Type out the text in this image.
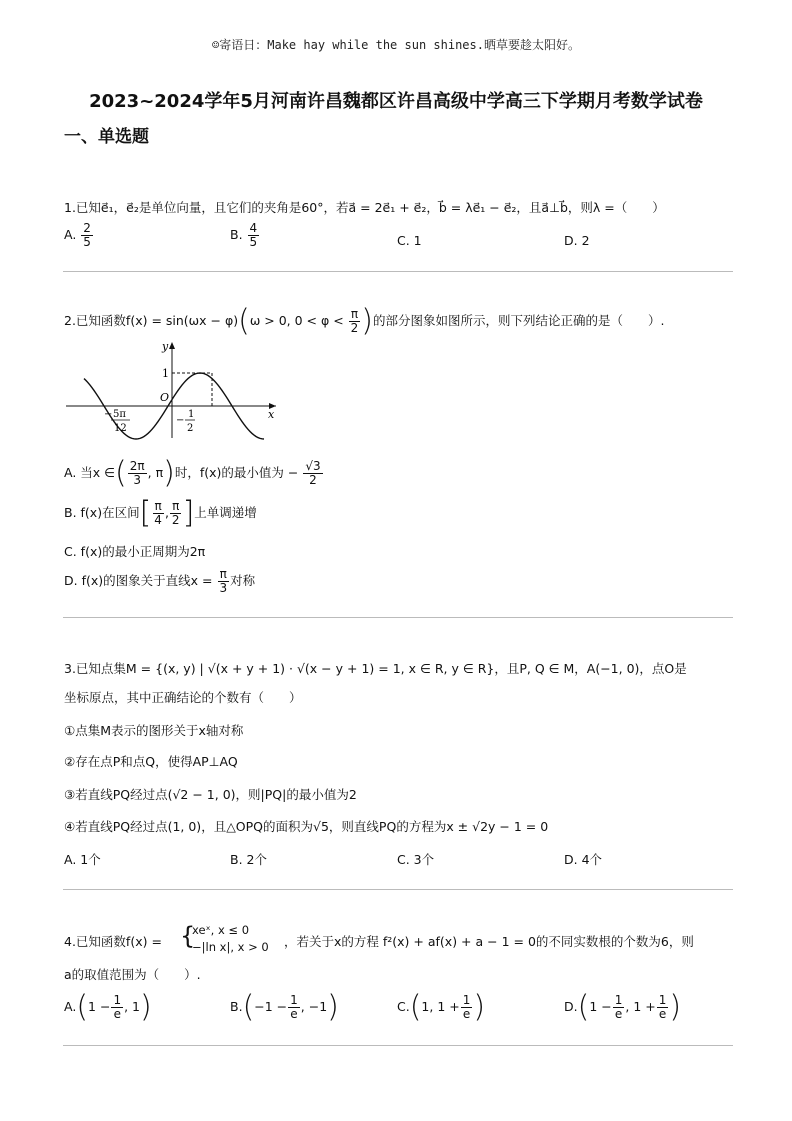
☺寄语日：Make hay while the sun shines.晒草要趁太阳好。
2023~2024学年5月河南许昌魏都区许昌高级中学高三下学期月考数学试卷
一、单选题
1.已知e⃗₁，e⃗₂是单位向量，且它们的夹角是60°，若a⃗ = 2e⃗₁ + e⃗₂，b⃗ = λe⃗₁ − e⃗₂，且a⃗⊥b⃗，则λ =（　　）
A. $\frac{2}{5}$	B. $\frac{4}{5}$	C. 1	D. 2
2.已知函数f(x) = sin(ωx − φ)(ω > 0, $0 < \varphi < \frac{\pi}{2}$ )的部分图象如图所示，则下列结论正确的是（　　）.
y
x
O
1
− 5π
12
−
1
2
A. 当x ∈( $\frac{2\pi}{3}$ , π)时，f(x)的最小值为 − $\frac{√3}{2}$
B. f(x)在区间[ $\frac{\pi}{4}$ , $\frac{\pi}{2}$ ]上单调递增
C. f(x)的最小正周期为2π
D. f(x)的图象关于直线$x = \frac{\pi}{3}$ 对称
3.已知点集M = {(x, y) | √(x + y + 1) · √(x − y + 1) = 1, x ∈ R, y ∈ R}，且P, Q ∈ M，A(−1, 0)，点O是
坐标原点，其中正确结论的个数有（　　）
①点集M表示的图形关于x轴对称
②存在点P和点Q，使得AP⊥AQ
③若直线PQ经过点(√2 − 1, 0)，则|PQ|的最小值为2
④若直线PQ经过点(1, 0)，且△OPQ的面积为√5，则直线PQ的方程为x ± √2y − 1 = 0
A. 1个	B. 2个	C. 3个	D. 4个
4.已知函数f(x) = {
xeˣ, x ≤ 0
−|ln x|, x > 0 ，若关于x的方程 f²(x) + af(x) + a − 1 = 0的不同实数根的个数为6，则
a的取值范围为（　　）.
$A.(1 - \frac{1}{e}$ , 1)	$B.(-1 - \frac{1}{e}$ , −1)	C.(1, $1 + \frac{1}{e}$ )	$D.(1 - \frac{1}{e}$ , $1 + \frac{1}{e}$ )
